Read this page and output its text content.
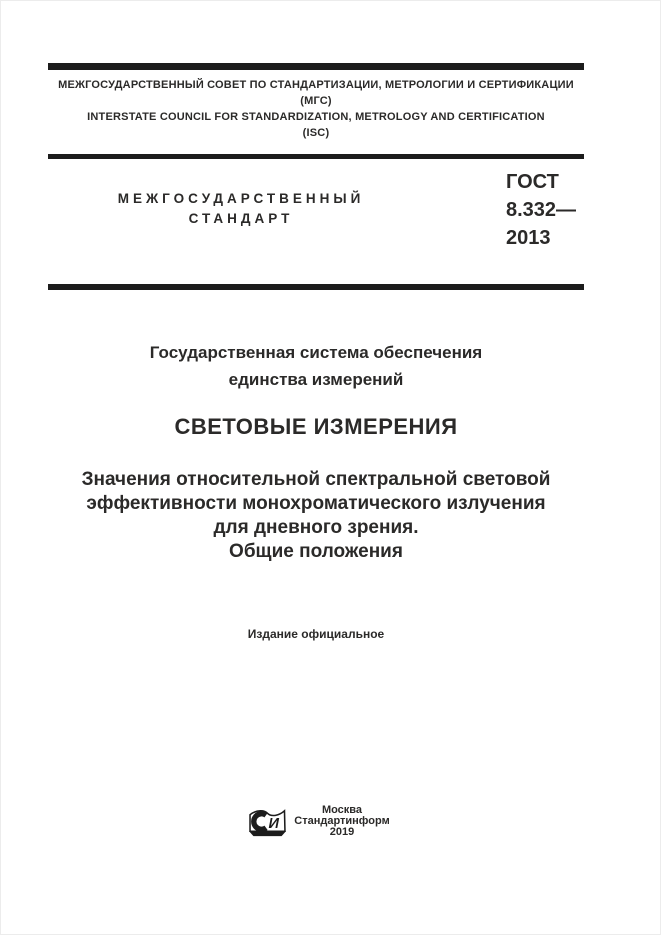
МЕЖГОСУДАРСТВЕННЫЙ СОВЕТ ПО СТАНДАРТИЗАЦИИ, МЕТРОЛОГИИ И СЕРТИФИКАЦИИ
(МГС)
INTERSTATE COUNCIL FOR STANDARDIZATION, METROLOGY AND CERTIFICATION
(ISC)
МЕЖГОСУДАРСТВЕННЫЙ
СТАНДАРТ
ГОСТ
8.332—
2013
Государственная система обеспечения
единства измерений
СВЕТОВЫЕ ИЗМЕРЕНИЯ
Значения относительной спектральной световой
эффективности монохроматического излучения
для дневного зрения.
Общие положения
Издание официальное
И
Москва
Стандартинформ
2019
